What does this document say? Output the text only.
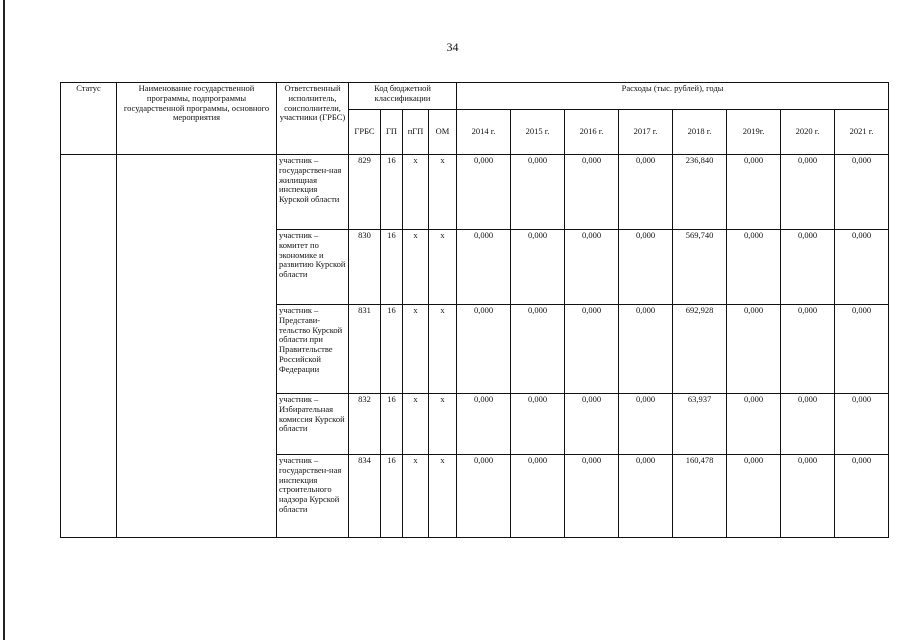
34
Статус	Наименование государственной программы, подпрограммы государственной программы, основного мероприятия	Ответственный исполнитель, соисполнители, участники (ГРБС)	Код бюджетной классификации				Расходы (тыс. рублей), годы							
			ГРБС	ГП	пГП	ОМ	2014 г.	2015 г.	2016 г.	2017 г.	2018 г.	2019г.	2020 г.	2021 г.
		участник – государствен-ная жилищная инспекция Курской области	829	16	х	х	0,000	0,000	0,000	0,000	236,840	0,000	0,000	0,000
		участник – комитет по экономике и развитию Курской области	830	16	х	х	0,000	0,000	0,000	0,000	569,740	0,000	0,000	0,000
		участник – Представи-тельство Курской области при Правительстве Российской Федерации	831	16	х	х	0,000	0,000	0,000	0,000	692,928	0,000	0,000	0,000
		участник – Избирательная комиссия Курской области	832	16	х	х	0,000	0,000	0,000	0,000	63,937	0,000	0,000	0,000
		участник – государствен-ная инспекция строительного надзора Курской области	834	16	х	х	0,000	0,000	0,000	0,000	160,478	0,000	0,000	0,000
